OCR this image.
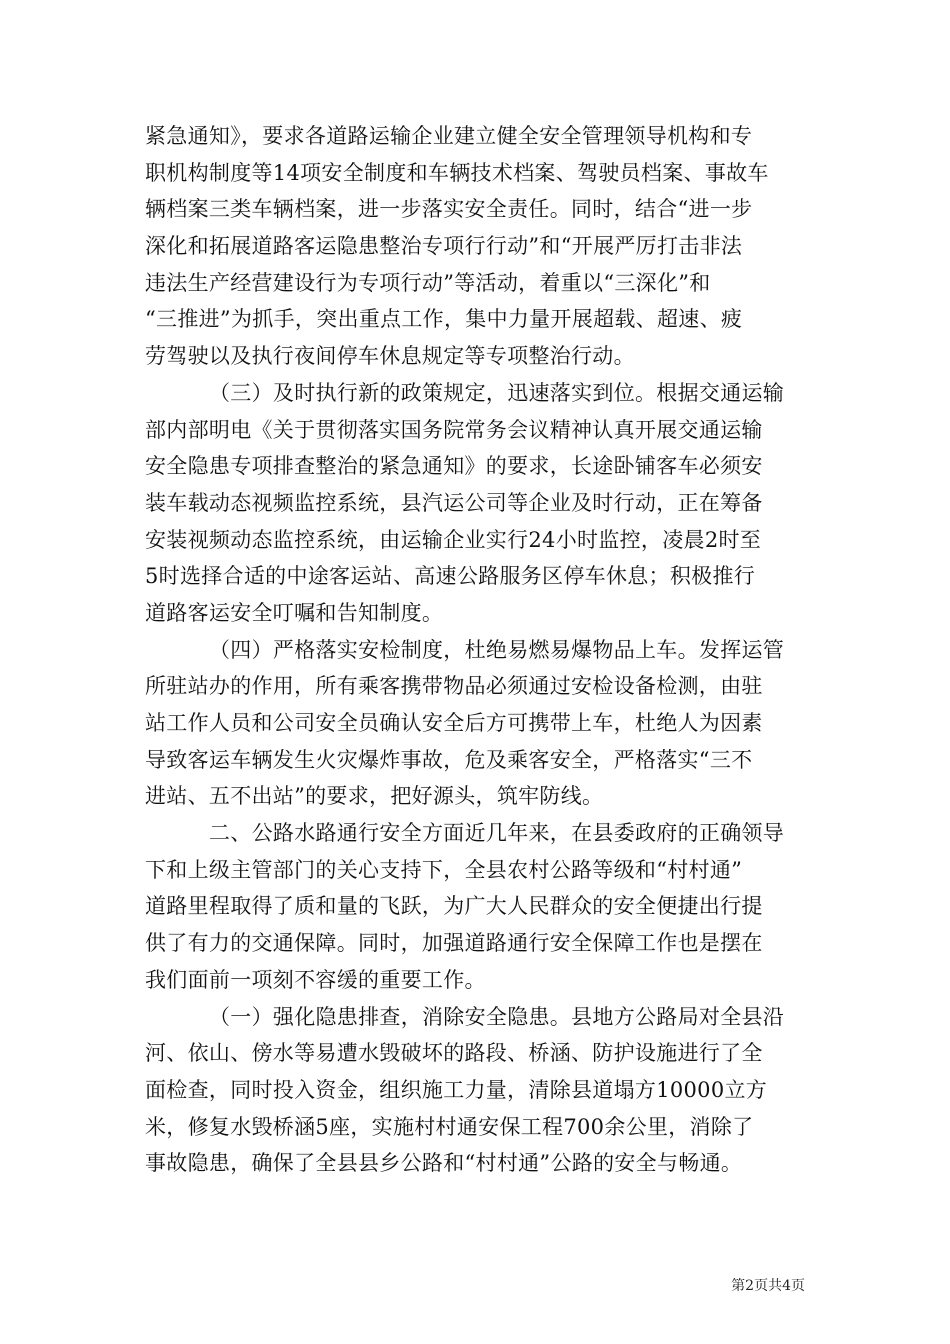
紧急通知》，要求各道路运输企业建立健全安全管理领导机构和专
职机构制度等14项安全制度和车辆技术档案、驾驶员档案、事故车
辆档案三类车辆档案，进一步落实安全责任。同时，结合“进一步
深化和拓展道路客运隐患整治专项行行动”和“开展严厉打击非法
违法生产经营建设行为专项行动”等活动，着重以“三深化”和
“三推进”为抓手，突出重点工作，集中力量开展超载、超速、疲
劳驾驶以及执行夜间停车休息规定等专项整治行动。
（三）及时执行新的政策规定，迅速落实到位。根据交通运输
部内部明电《关于贯彻落实国务院常务会议精神认真开展交通运输
安全隐患专项排查整治的紧急通知》的要求，长途卧铺客车必须安
装车载动态视频监控系统，县汽运公司等企业及时行动，正在筹备
安装视频动态监控系统，由运输企业实行24小时监控，凌晨2时至
5时选择合适的中途客运站、高速公路服务区停车休息；积极推行
道路客运安全叮嘱和告知制度。
（四）严格落实安检制度，杜绝易燃易爆物品上车。发挥运管
所驻站办的作用，所有乘客携带物品必须通过安检设备检测，由驻
站工作人员和公司安全员确认安全后方可携带上车，杜绝人为因素
导致客运车辆发生火灾爆炸事故，危及乘客安全，严格落实“三不
进站、五不出站”的要求，把好源头，筑牢防线。
二、公路水路通行安全方面近几年来，在县委政府的正确领导
下和上级主管部门的关心支持下，全县农村公路等级和“村村通”
道路里程取得了质和量的飞跃，为广大人民群众的安全便捷出行提
供了有力的交通保障。同时，加强道路通行安全保障工作也是摆在
我们面前一项刻不容缓的重要工作。
（一）强化隐患排查，消除安全隐患。县地方公路局对全县沿
河、依山、傍水等易遭水毁破坏的路段、桥涵、防护设施进行了全
面检查，同时投入资金，组织施工力量，清除县道塌方10000立方
米，修复水毁桥涵5座，实施村村通安保工程700余公里，消除了
事故隐患，确保了全县县乡公路和“村村通”公路的安全与畅通。
第2页共4页
